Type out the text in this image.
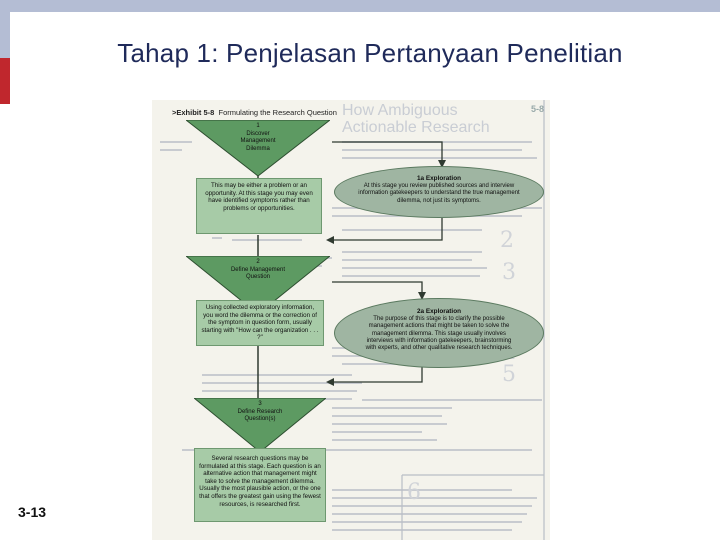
Tahap 1: Penjelasan Pertanyaan Penelitian
How Ambiguous
Actionable Research
5-8
2
3
5
6
>Exhibit 5-8 Formulating the Research Question
1
Discover Management Dilemma
This may be either a problem or an opportunity. At this stage you may even have identified symptoms rather than problems or opportunities.
1a Exploration
At this stage you review published sources and interview information gatekeepers to understand the true management dilemma, not just its symptoms.
2
Define Management Question
Using collected exploratory information, you word the dilemma or the correction of the symptom in question form, usually starting with "How can the organization . . . ?"
2a Exploration
The purpose of this stage is to clarify the possible management actions that might be taken to solve the management dilemma. This stage usually involves interviews with information gatekeepers, brainstorming with experts, and other qualitative research techniques.
3
Define Research Question(s)
Several research questions may be formulated at this stage. Each question is an alternative action that management might take to solve the management dilemma. Usually the most plausible action, or the one that offers the greatest gain using the fewest resources, is researched first.
3-13
